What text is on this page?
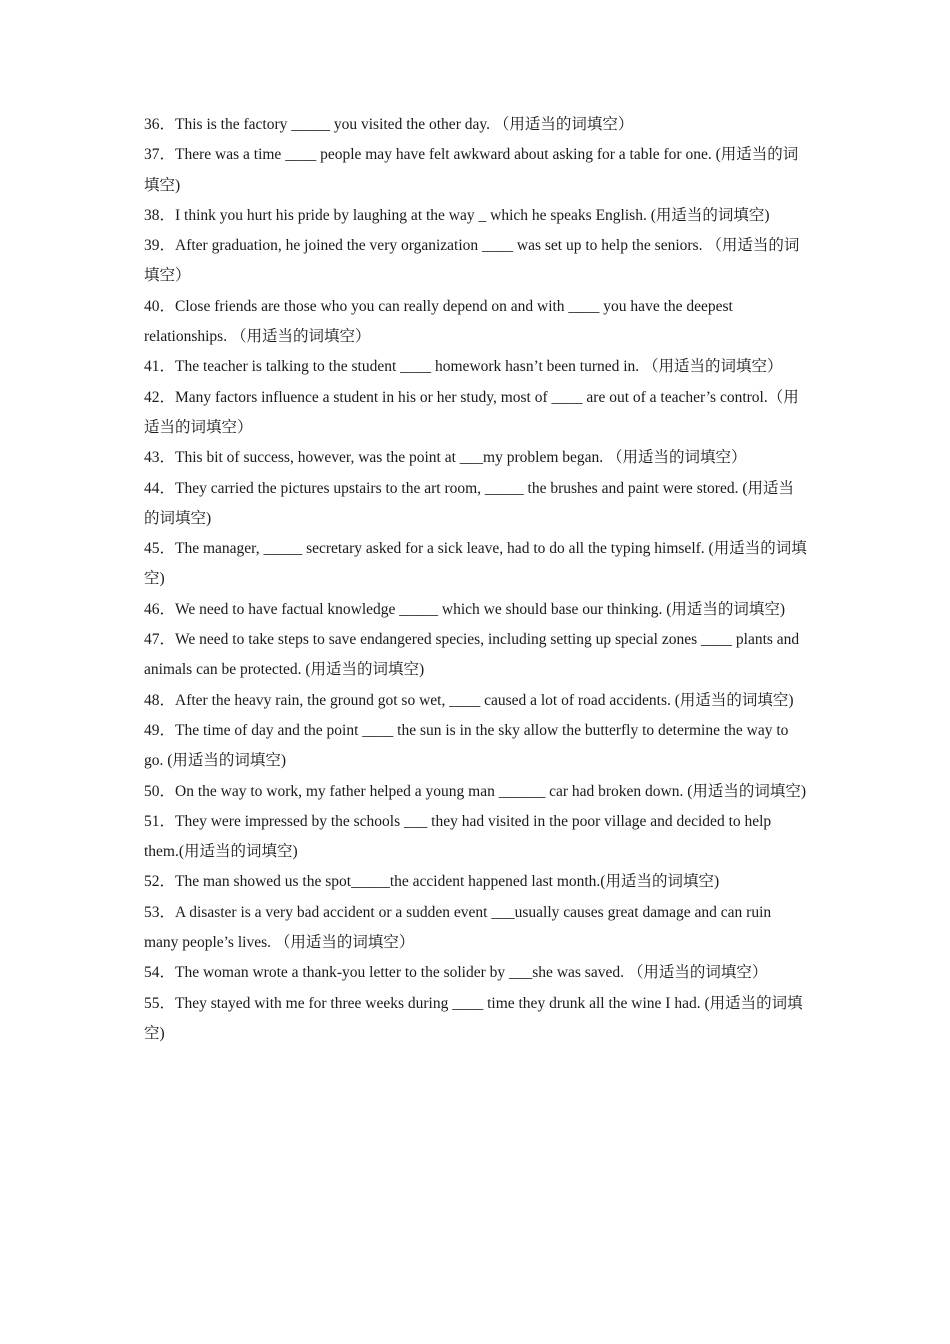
36．This is the factory _____ you visited the other day. （用适当的词填空）

37．There was a time ____ people may have felt awkward about asking for a table for one. (用适当的词填空)

38．I think you hurt his pride by laughing at the way _ which he speaks English. (用适当的词填空)

39．After graduation, he joined the very organization ____ was set up to help the seniors. （用适当的词填空）

40．Close friends are those who you can really depend on and with ____ you have the deepest relationships. （用适当的词填空）

41．The teacher is talking to the student ____ homework hasn’t been turned in. （用适当的词填空）

42．Many factors influence a student in his or her study, most of ____ are out of a teacher’s control.（用适当的词填空）

43．This bit of success, however, was the point at ___my problem began. （用适当的词填空）

44．They carried the pictures upstairs to the art room, _____ the brushes and paint were stored. (用适当的词填空)

45．The manager, _____ secretary asked for a sick leave, had to do all the typing himself. (用适当的词填空)

46．We need to have factual knowledge _____ which we should base our thinking. (用适当的词填空)

47．We need to take steps to save endangered species, including setting up special zones ____ plants and animals can be protected. (用适当的词填空)

48．After the heavy rain, the ground got so wet, ____ caused a lot of road accidents. (用适当的词填空)

49．The time of day and the point ____ the sun is in the sky allow the butterfly to determine the way to go. (用适当的词填空)

50．On the way to work, my father helped a young man ______ car had broken down. (用适当的词填空)

51．They were impressed by the schools ___ they had visited in the poor village and decided to help them.(用适当的词填空)

52．The man showed us the spot_____the accident happened last month.(用适当的词填空)

53．A disaster is a very bad accident or a sudden event ___usually causes great damage and can ruin many people’s lives. （用适当的词填空）

54．The woman wrote a thank-you letter to the solider by ___she was saved. （用适当的词填空）

55．They stayed with me for three weeks during ____ time they drunk all the wine I had. (用适当的词填空)
